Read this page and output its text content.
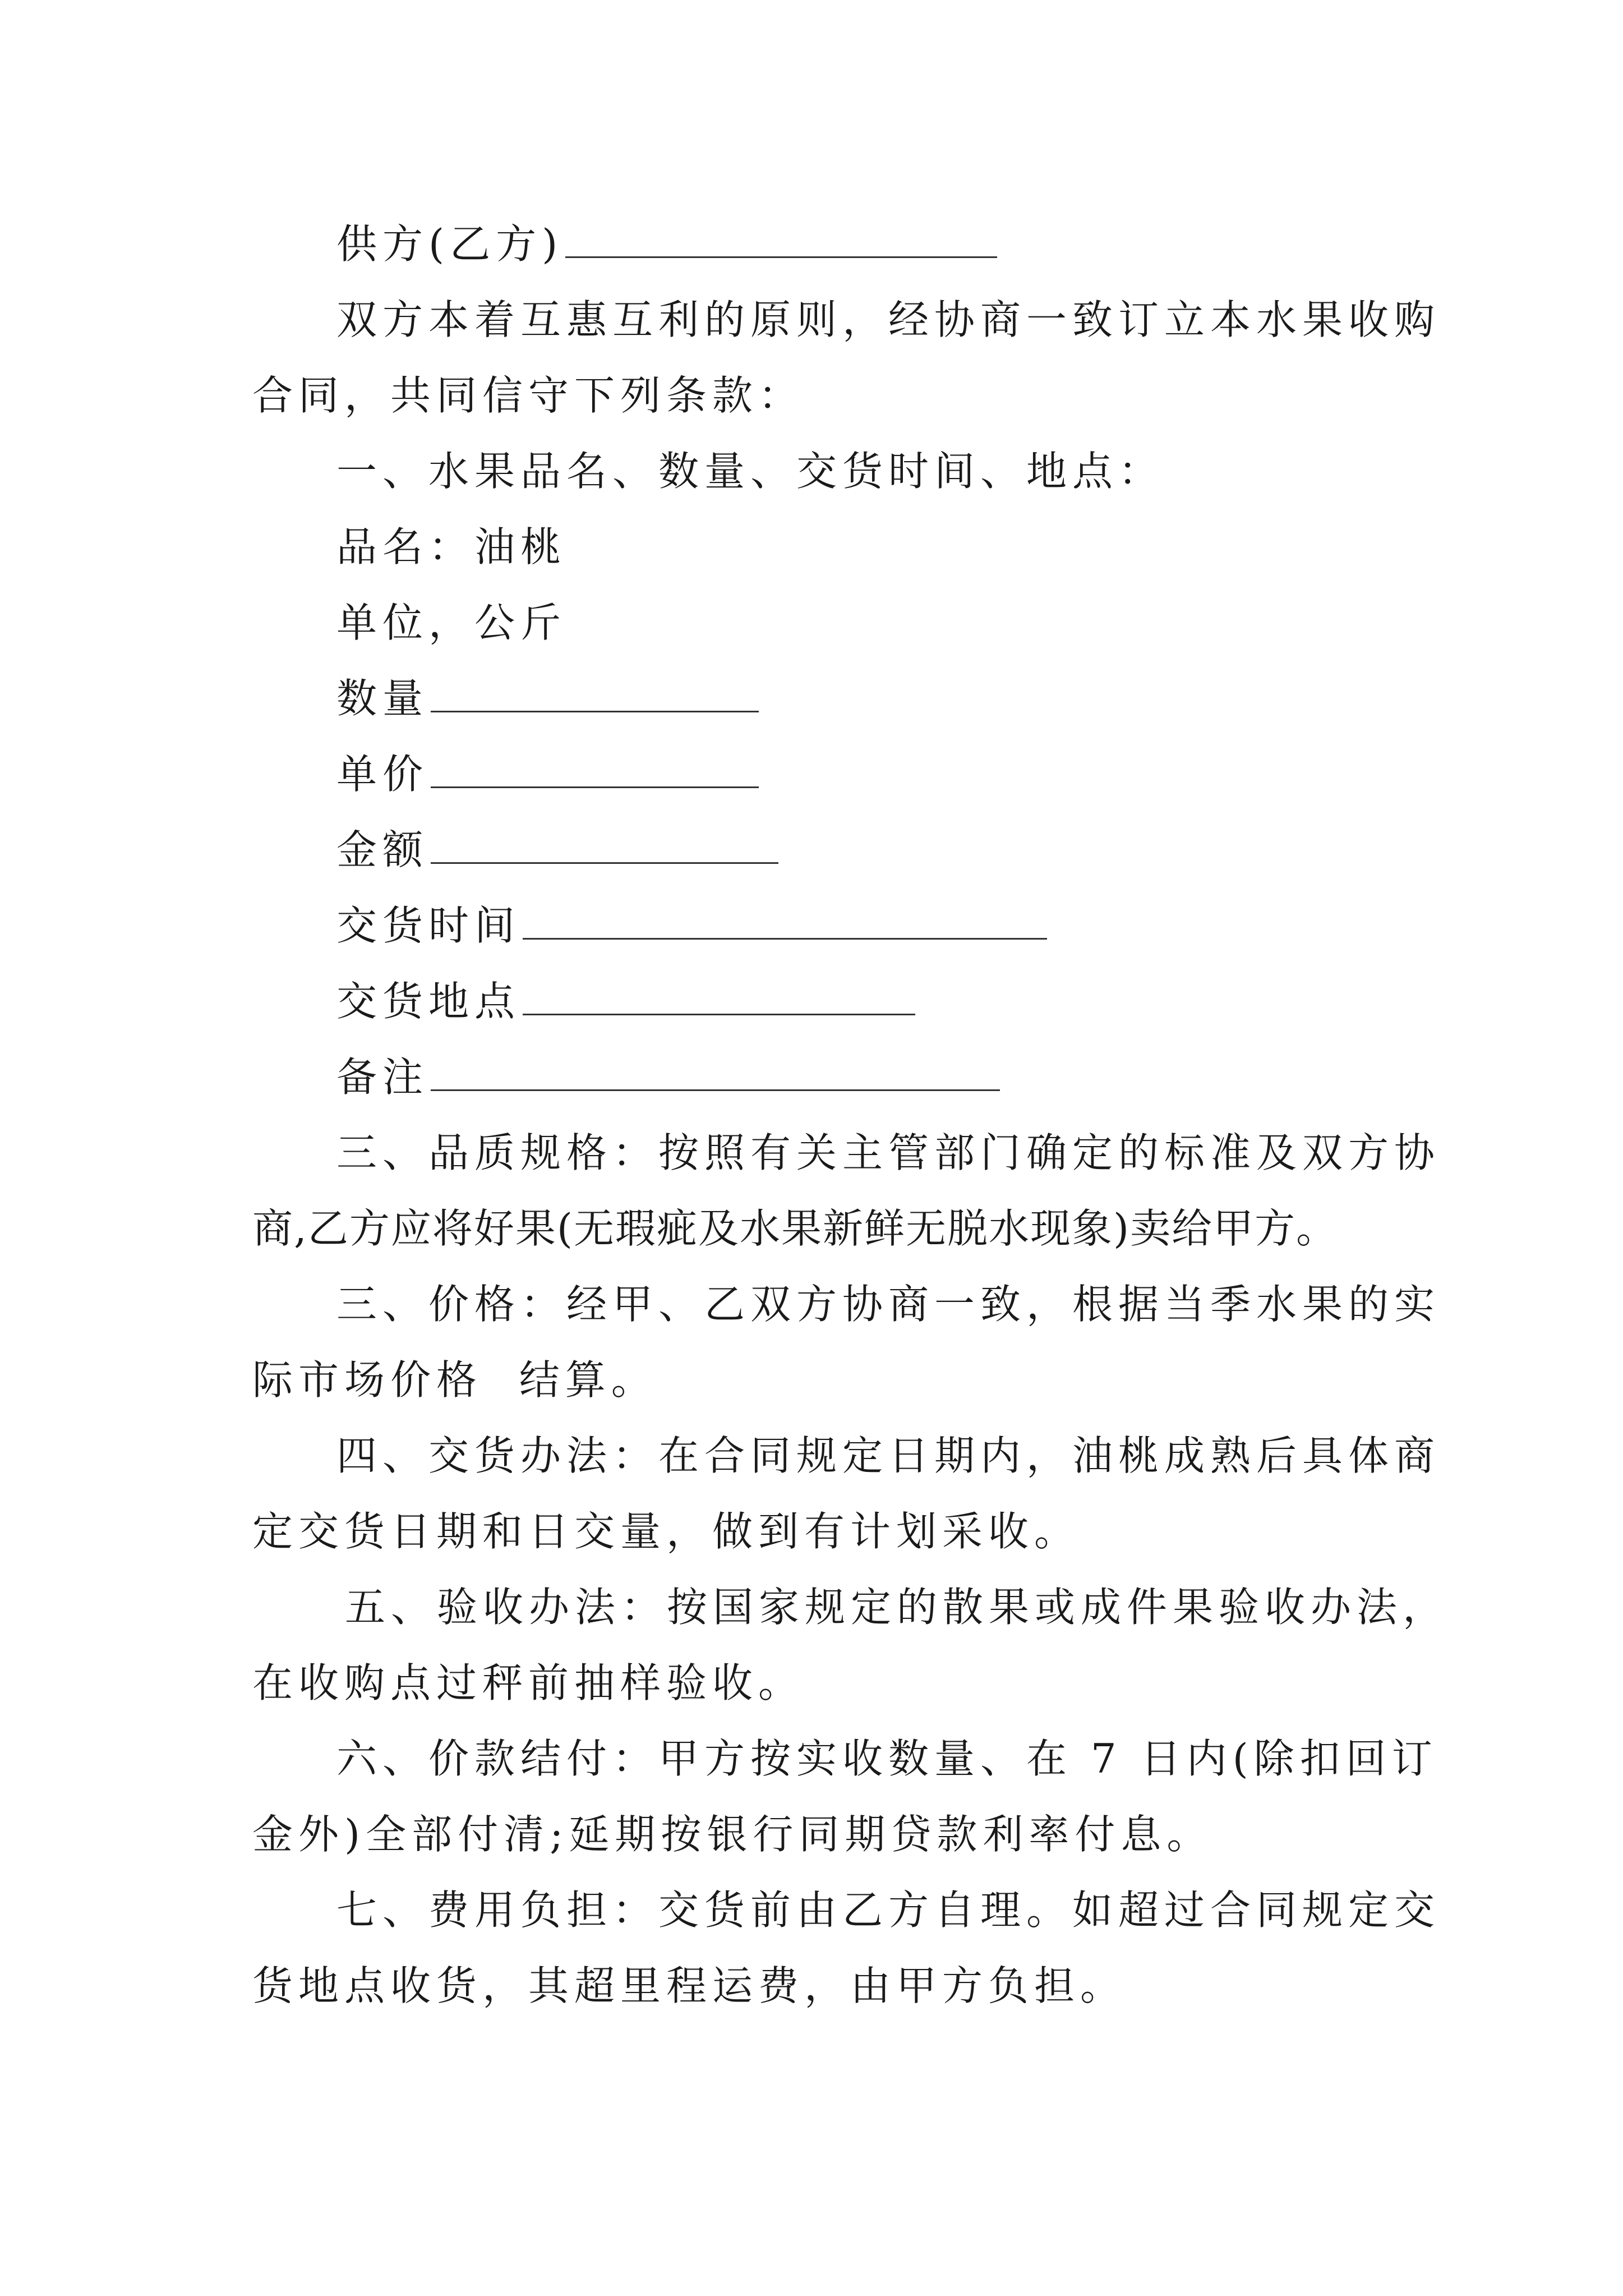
供方(乙方)
双方本着互惠互利的原则，经协商一致订立本水果收购
合同，共同信守下列条款：
一、水果品名、数量、交货时间、地点：
品名：油桃
单位，公斤
数量
单价
金额
交货时间
交货地点
备注
三、品质规格：按照有关主管部门确定的标准及双方协
商,乙方应将好果(无瑕疵及水果新鲜无脱水现象)卖给甲方。
三、价格：经甲、乙双方协商一致，根据当季水果的实
际市场价格  结算。
四、交货办法：在合同规定日期内，油桃成熟后具体商
定交货日期和日交量，做到有计划采收。
五、验收办法：按国家规定的散果或成件果验收办法，
在收购点过秤前抽样验收。
六、价款结付：甲方按实收数量、在 7 日内(除扣回订
金外)全部付清;延期按银行同期贷款利率付息。
七、费用负担：交货前由乙方自理。如超过合同规定交
货地点收货，其超里程运费，由甲方负担。
